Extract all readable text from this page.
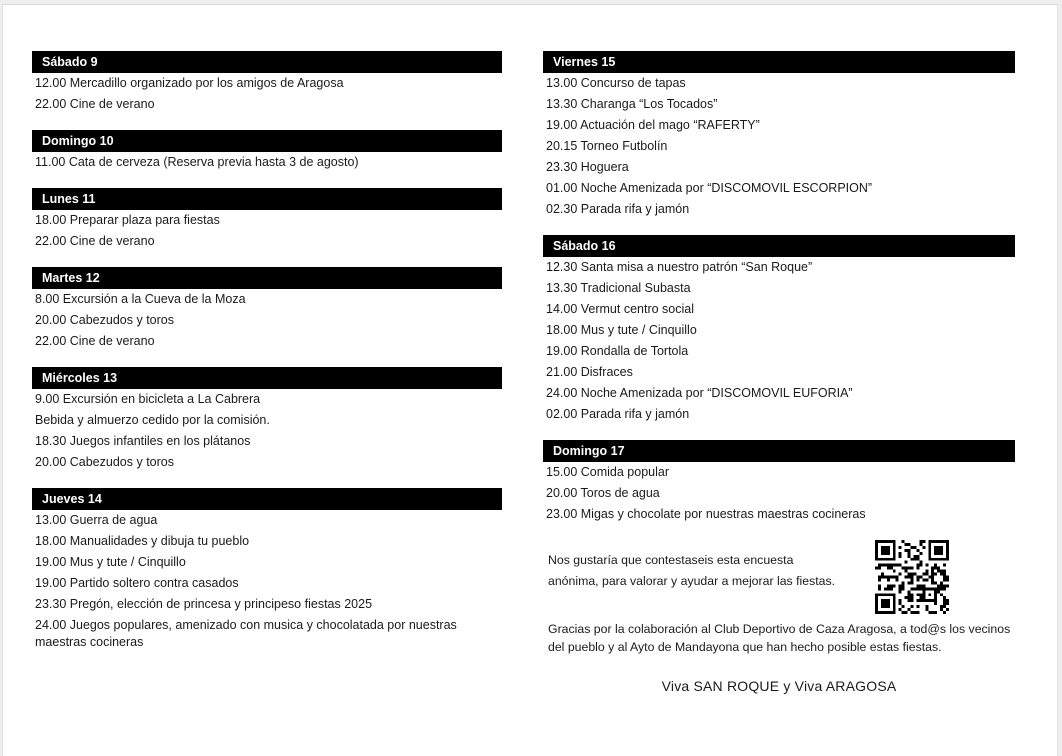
Sábado 9
12.00 Mercadillo organizado por los amigos de Aragosa
22.00 Cine de verano
Domingo 10
11.00 Cata de cerveza (Reserva previa hasta 3 de agosto)
Lunes 11
18.00 Preparar plaza para fiestas
22.00 Cine de verano
Martes 12
8.00 Excursión a la Cueva de la Moza
20.00 Cabezudos y toros
22.00 Cine de verano
Miércoles 13
9.00 Excursión en bicicleta a La Cabrera
Bebida y almuerzo cedido por la comisión.
18.30 Juegos infantiles en los plátanos
20.00 Cabezudos y toros
Jueves 14
13.00 Guerra de agua
18.00 Manualidades y dibuja tu pueblo
19.00 Mus y tute / Cinquillo
19.00 Partido soltero contra casados
23.30 Pregón, elección de princesa y principeso fiestas 2025
24.00 Juegos populares, amenizado con musica y chocolatada por nuestras maestras cocineras
Viernes 15
13.00 Concurso de tapas
13.30 Charanga “Los Tocados”
19.00 Actuación del mago “RAFERTY”
20.15 Torneo Futbolín
23.30 Hoguera
01.00 Noche Amenizada por “DISCOMOVIL ESCORPION”
02.30 Parada rifa y jamón
Sábado 16
12.30 Santa misa a nuestro patrón “San Roque”
13.30 Tradicional Subasta
14.00 Vermut centro social
18.00 Mus y tute / Cinquillo
19.00 Rondalla de Tortola
21.00 Disfraces
24.00 Noche Amenizada por “DISCOMOVIL EUFORIA”
02.00 Parada rifa y jamón
Domingo 17
15.00 Comida popular
20.00 Toros de agua
23.00 Migas y chocolate por nuestras maestras cocineras
Nos gustaría que contestaseis esta encuesta
anónima, para valorar y ayudar a mejorar las fiestas.
Gracias por la colaboración al Club Deportivo de Caza Aragosa, a tod@s los vecinos del pueblo y al Ayto de Mandayona que han hecho posible estas fiestas.
Viva SAN ROQUE y Viva ARAGOSA
